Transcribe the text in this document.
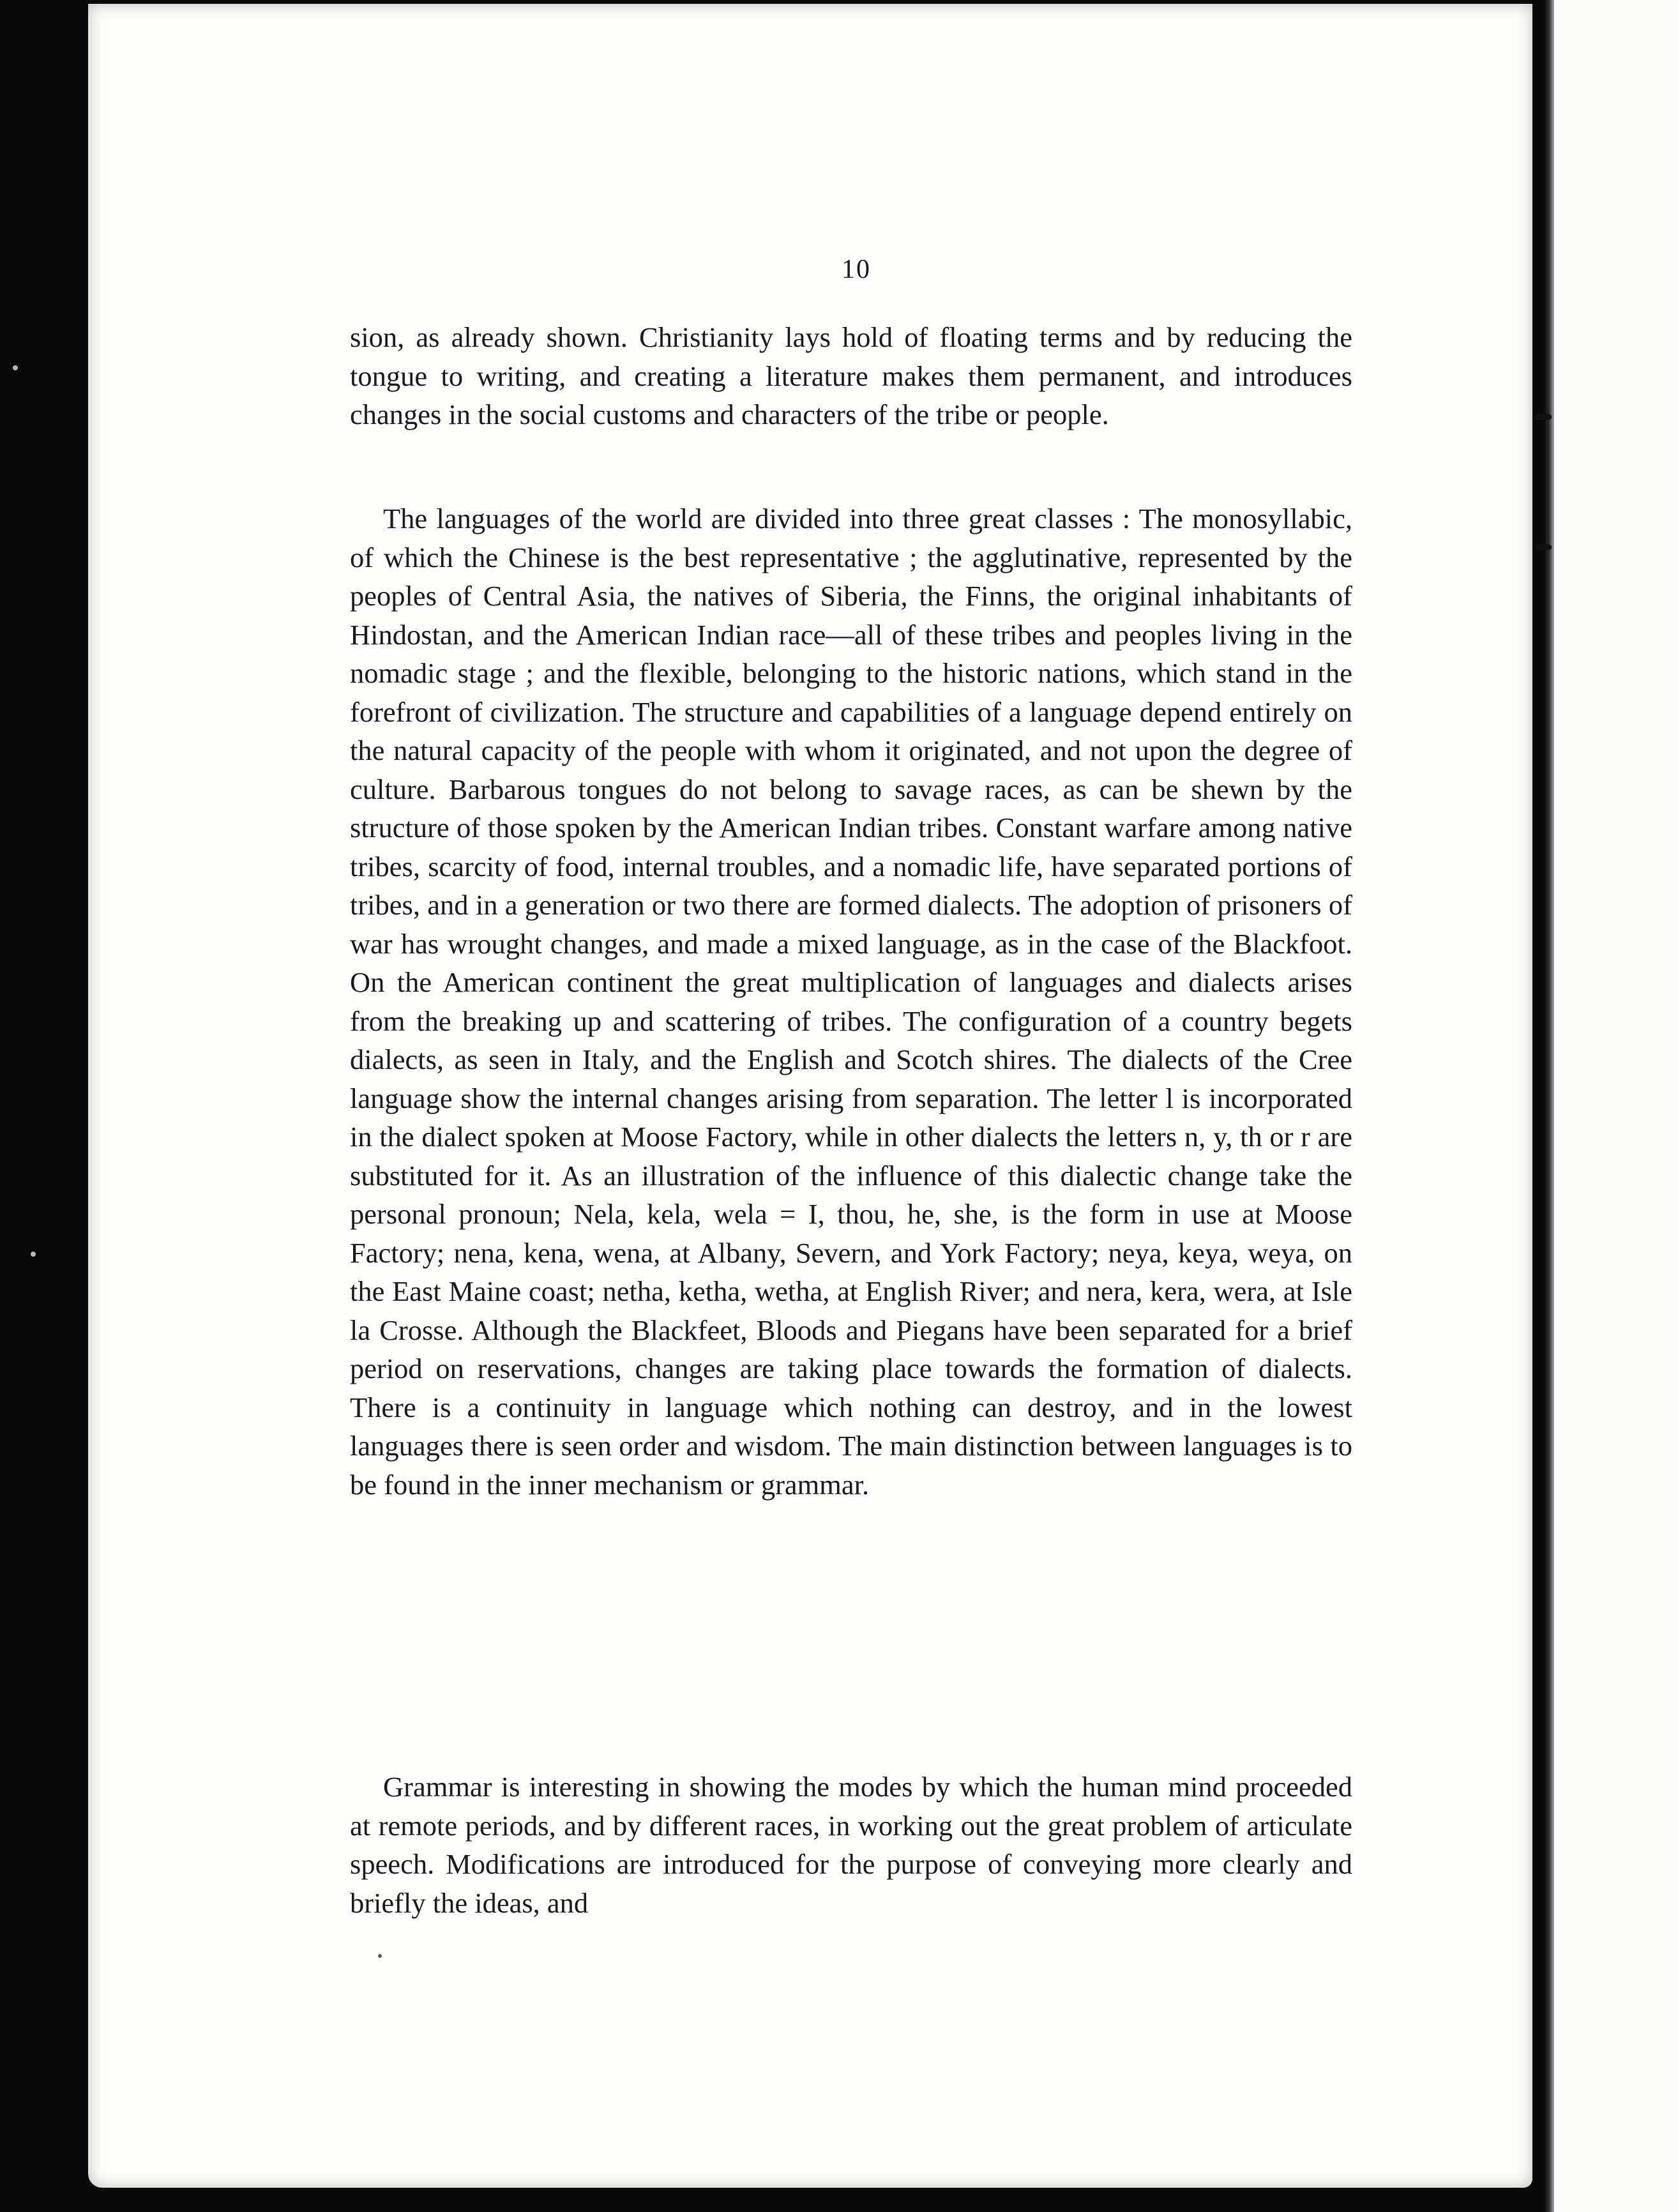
10

sion, as already shown. Christianity lays hold of floating terms and by reducing the tongue to writing, and creating a literature makes them permanent, and introduces changes in the social customs and characters of the tribe or people.

The languages of the world are divided into three great classes : The monosyllabic, of which the Chinese is the best representative ; the agglutinative, represented by the peoples of Central Asia, the natives of Siberia, the Finns, the original inhabitants of Hindostan, and the American Indian race—all of these tribes and peoples living in the nomadic stage ; and the flexible, belonging to the historic nations, which stand in the forefront of civilization. The structure and capabilities of a language depend entirely on the natural capacity of the people with whom it originated, and not upon the degree of culture. Barbarous tongues do not belong to savage races, as can be shewn by the structure of those spoken by the American Indian tribes. Constant warfare among native tribes, scarcity of food, internal troubles, and a nomadic life, have separated portions of tribes, and in a generation or two there are formed dialects. The adoption of prisoners of war has wrought changes, and made a mixed language, as in the case of the Blackfoot. On the American continent the great multiplication of languages and dialects arises from the breaking up and scattering of tribes. The configuration of a country begets dialects, as seen in Italy, and the English and Scotch shires. The dialects of the Cree language show the internal changes arising from separation. The letter l is incorporated in the dialect spoken at Moose Factory, while in other dialects the letters n, y, th or r are substituted for it. As an illustration of the influence of this dialectic change take the personal pronoun; Nela, kela, wela = I, thou, he, she, is the form in use at Moose Factory; nena, kena, wena, at Albany, Severn, and York Factory; neya, keya, weya, on the East Maine coast; netha, ketha, wetha, at English River; and nera, kera, wera, at Isle la Crosse. Although the Blackfeet, Bloods and Piegans have been separated for a brief period on reservations, changes are taking place towards the formation of dialects. There is a continuity in language which nothing can destroy, and in the lowest languages there is seen order and wisdom. The main distinction between languages is to be found in the inner mechanism or grammar.

Grammar is interesting in showing the modes by which the human mind proceeded at remote periods, and by different races, in working out the great problem of articulate speech. Modifications are introduced for the purpose of conveying more clearly and briefly the ideas, and
